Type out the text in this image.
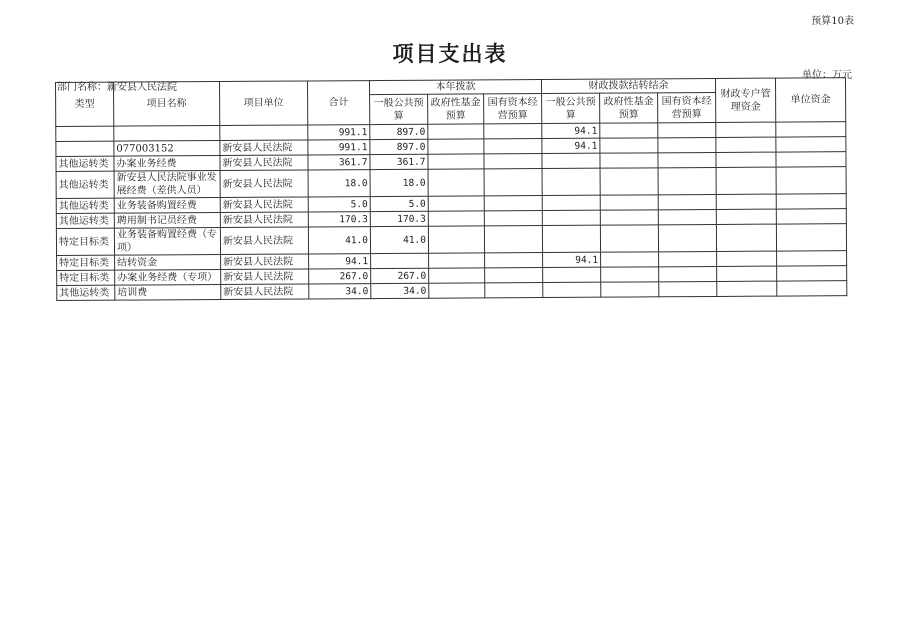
预算10表
项目支出表
部门名称：新安县人民法院
单位：万元
类型	项目名称	项目单位	合计	本年拨款			财政拨款结转结余			财政专户管理资金	单位资金
				一般公共预算	政府性基金预算	国有资本经营预算	一般公共预算	政府性基金预算	国有资本经营预算		
			991.1	897.0			94.1				
	077003152	新安县人民法院	991.1	897.0			94.1				
其他运转类	办案业务经费	新安县人民法院	361.7	361.7							
其他运转类	新安县人民法院事业发展经费（差供人员）	新安县人民法院	18.0	18.0							
其他运转类	业务装备购置经费	新安县人民法院	5.0	5.0							
其他运转类	聘用制书记员经费	新安县人民法院	170.3	170.3							
特定目标类	业务装备购置经费（专项）	新安县人民法院	41.0	41.0							
特定目标类	结转资金	新安县人民法院	94.1				94.1				
特定目标类	办案业务经费（专项）	新安县人民法院	267.0	267.0							
其他运转类	培训费	新安县人民法院	34.0	34.0							
